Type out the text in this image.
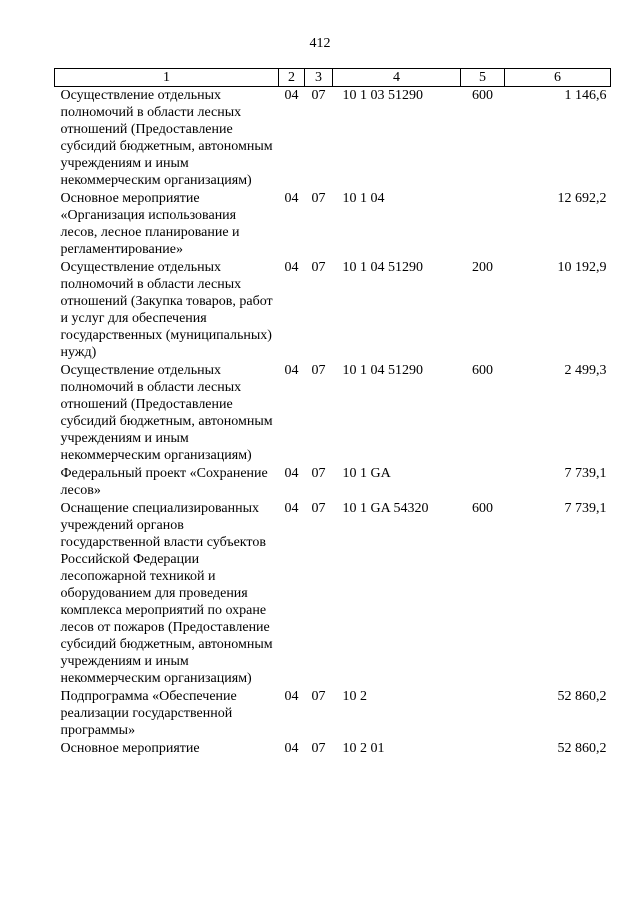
412
1	2	3	4	5	6
Осуществление отдельных полномочий в области лесных отношений (Предоставление субсидий бюджетным, автономным учреждениям и иным некоммерческим организациям)	04	07	10 1 03 51290	600	1 146,6
Основное мероприятие «Организация использования лесов, лесное планирование и регламентирование»	04	07	10 1 04		12 692,2
Осуществление отдельных полномочий в области лесных отношений (Закупка товаров, работ и услуг для обеспечения государственных (муниципальных) нужд)	04	07	10 1 04 51290	200	10 192,9
Осуществление отдельных полномочий в области лесных отношений (Предоставление субсидий бюджетным, автономным учреждениям и иным некоммерческим организациям)	04	07	10 1 04 51290	600	2 499,3
Федеральный проект «Сохранение лесов»	04	07	10 1 GA		7 739,1
Оснащение специализированных учреждений органов государственной власти субъектов Российской Федерации лесопожарной техникой и оборудованием для проведения комплекса мероприятий по охране лесов от пожаров (Предоставление субсидий бюджетным, автономным учреждениям и иным некоммерческим организациям)	04	07	10 1 GA 54320	600	7 739,1
Подпрограмма «Обеспечение реализации государственной программы»	04	07	10 2		52 860,2
Основное мероприятие	04	07	10 2 01		52 860,2
